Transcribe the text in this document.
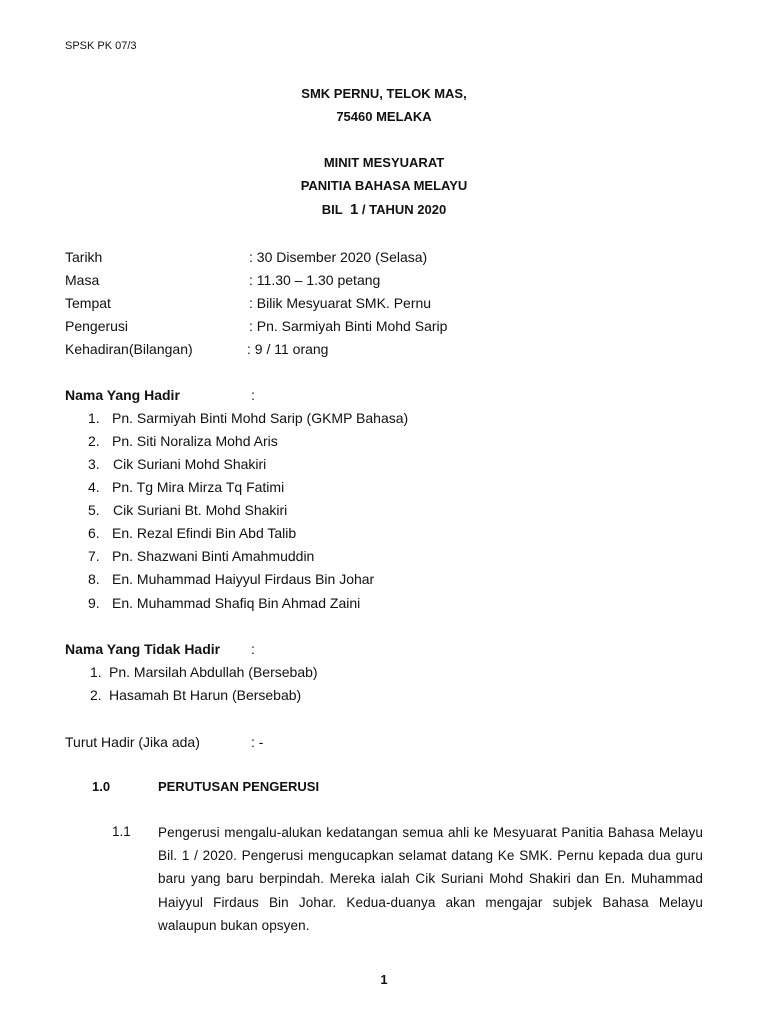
SPSK PK 07/3
SMK PERNU, TELOK MAS,
75460 MELAKA
MINIT MESYUARAT
PANITIA BAHASA MELAYU
BIL 1 / TAHUN 2020
Tarikh	: 30 Disember 2020 (Selasa)
Masa	: 11.30 – 1.30 petang
Tempat	: Bilik Mesyuarat SMK. Pernu
Pengerusi	: Pn. Sarmiyah Binti Mohd Sarip
Kehadiran(Bilangan)	: 9 / 11 orang
Nama Yang Hadir	:
1. Pn. Sarmiyah Binti Mohd Sarip (GKMP Bahasa)
2. Pn. Siti Noraliza Mohd Aris
3. Cik Suriani Mohd Shakiri
4. Pn. Tg Mira Mirza Tq Fatimi
5. Cik Suriani Bt. Mohd Shakiri
6. En. Rezal Efindi Bin Abd Talib
7. Pn. Shazwani Binti Amahmuddin
8. En. Muhammad Haiyyul Firdaus Bin Johar
9. En. Muhammad Shafiq Bin Ahmad Zaini
Nama Yang Tidak Hadir :
1. Pn. Marsilah Abdullah (Bersebab)
2. Hasamah Bt Harun (Bersebab)
Turut Hadir (Jika ada)	: -
1.0	PERUTUSAN PENGERUSI
1.1 Pengerusi mengalu-alukan kedatangan semua ahli ke Mesyuarat Panitia Bahasa Melayu Bil. 1 / 2020. Pengerusi mengucapkan selamat datang Ke SMK. Pernu kepada dua guru baru yang baru berpindah. Mereka ialah Cik Suriani Mohd Shakiri dan En. Muhammad Haiyyul Firdaus Bin Johar. Kedua-duanya akan mengajar subjek Bahasa Melayu walaupun bukan opsyen.
1
